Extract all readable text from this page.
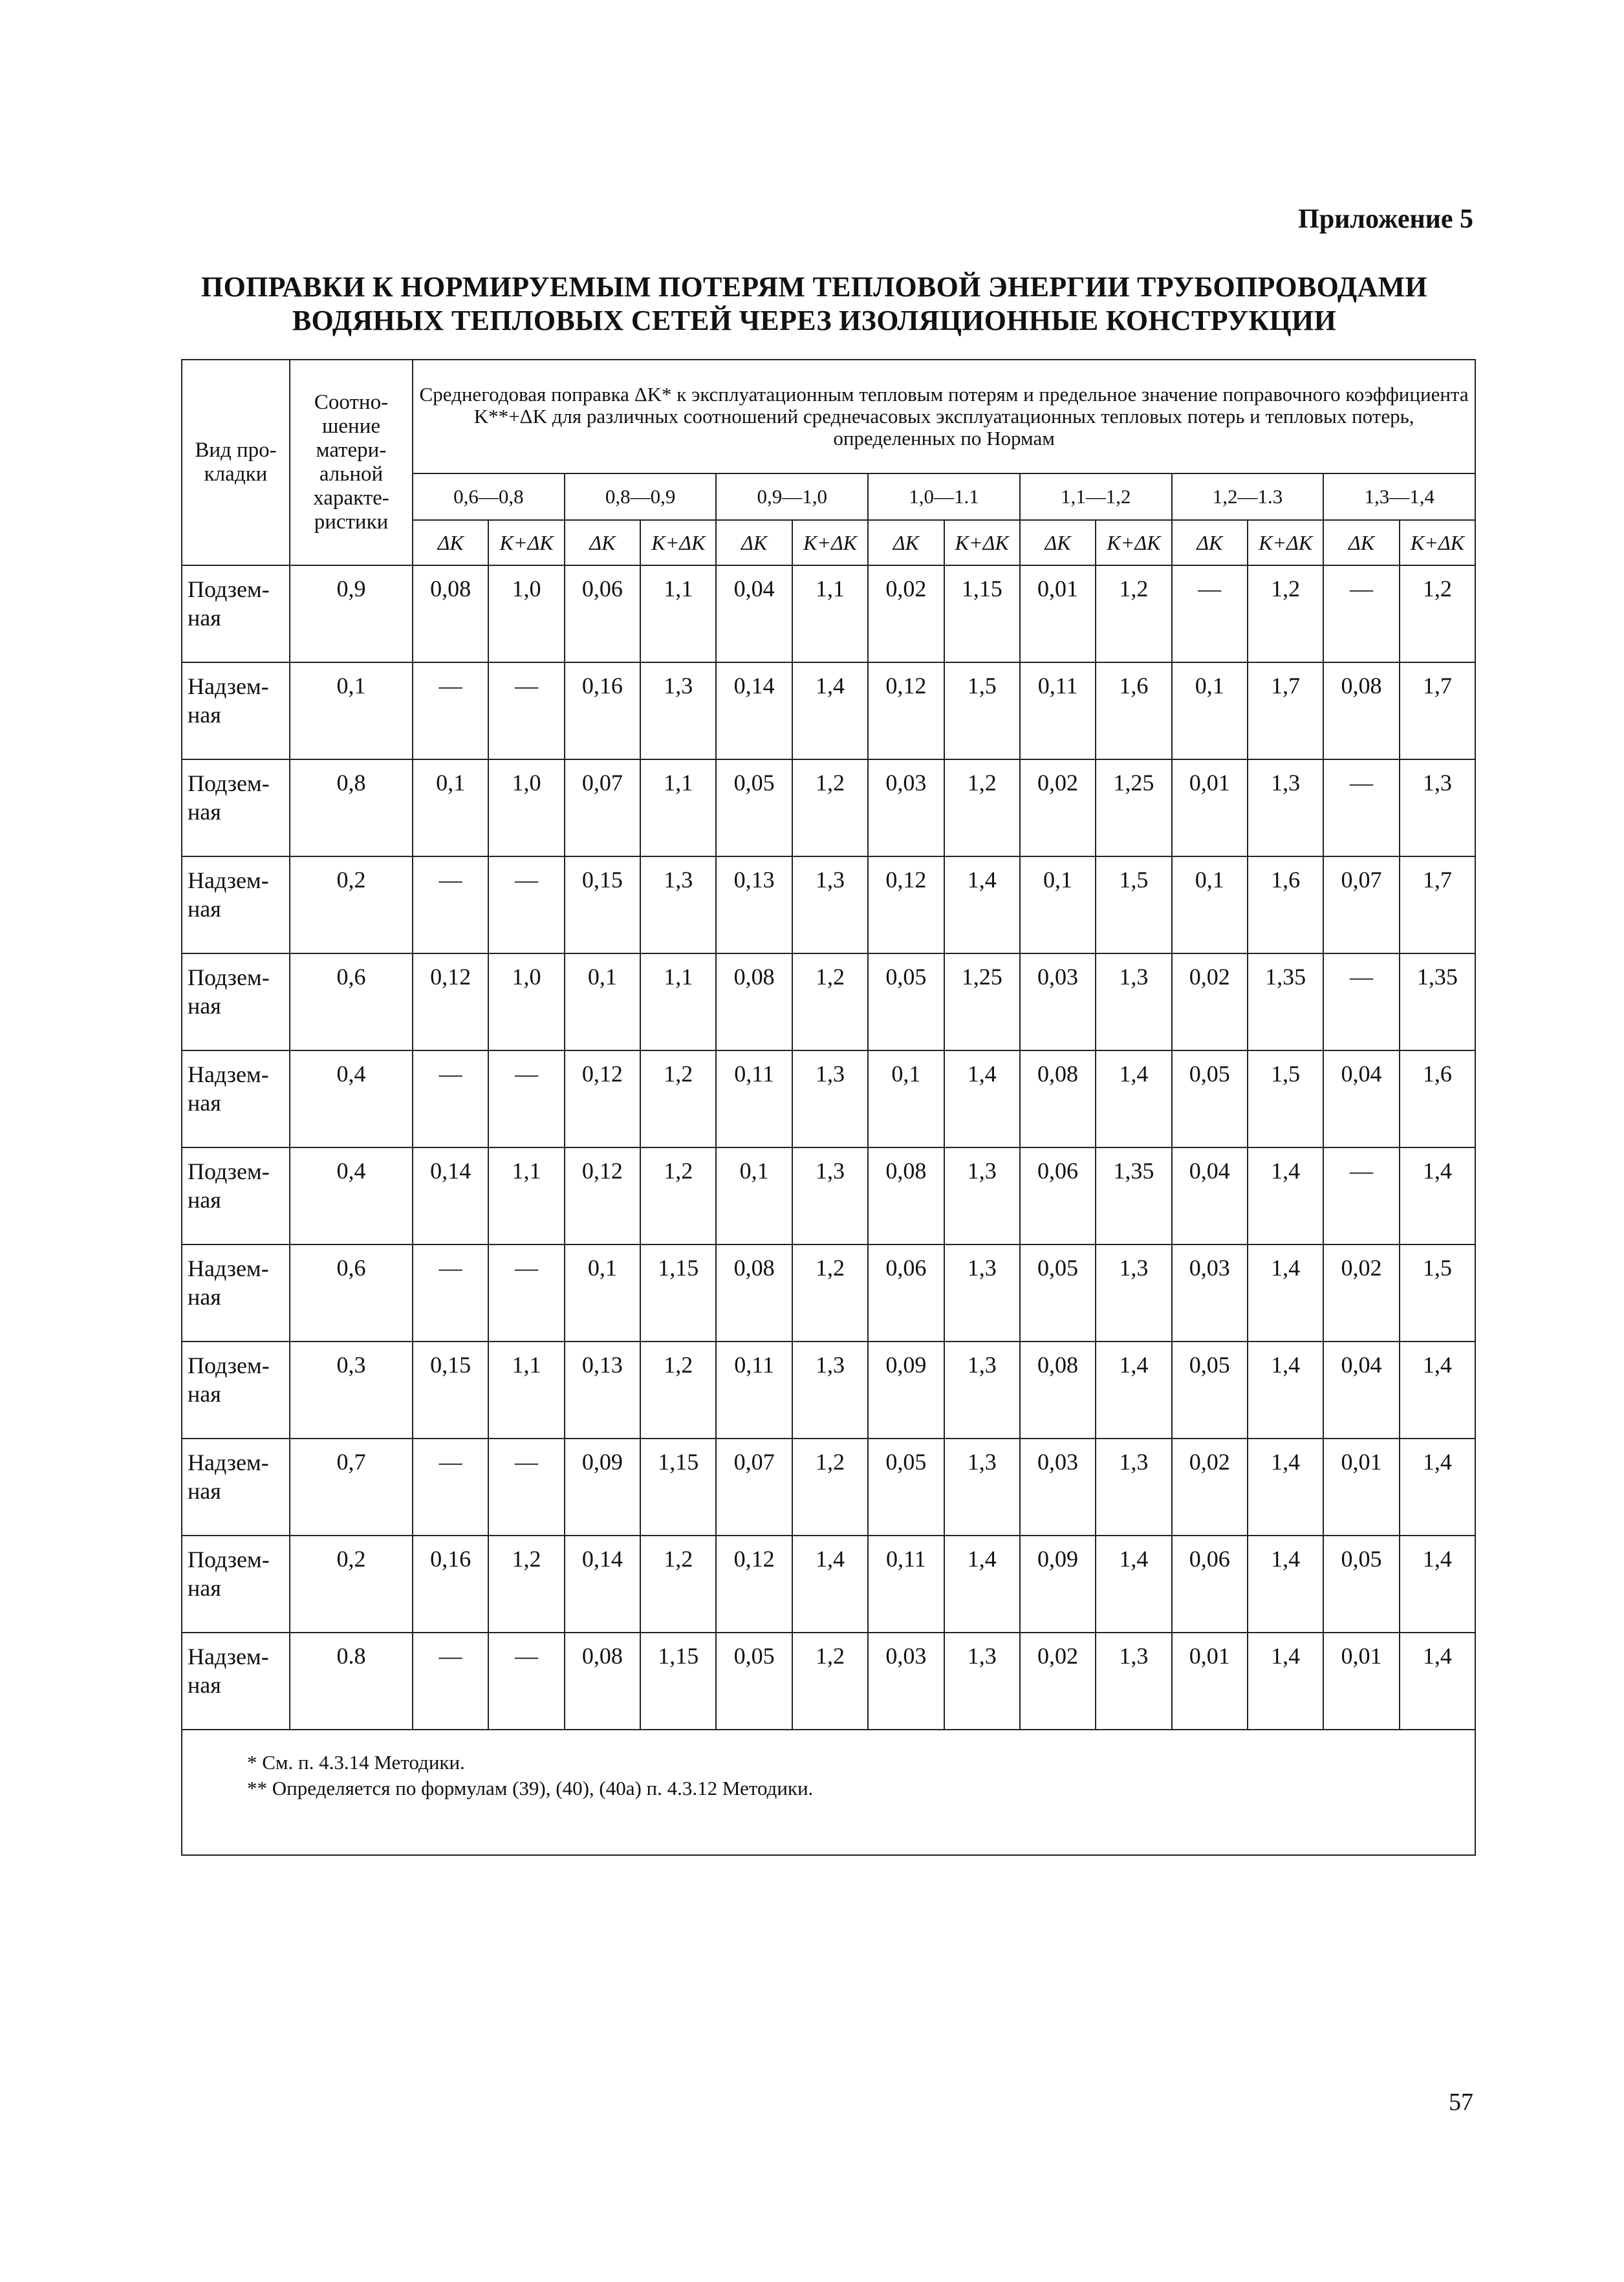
Приложение 5

ПОПРАВКИ К НОРМИРУЕМЫМ ПОТЕРЯМ ТЕПЛОВОЙ ЭНЕРГИИ ТРУБОПРОВОДАМИ
ВОДЯНЫХ ТЕПЛОВЫХ СЕТЕЙ ЧЕРЕЗ ИЗОЛЯЦИОННЫЕ КОНСТРУКЦИИ
Вид про-кладки	Соотно-шение матери-альной характе-ристики	Среднегодовая поправка ΔK* к эксплуатационным тепловым потерям и предельное значение поправочного коэффициента K**+ΔK для различных соотношений среднечасовых эксплуатационных тепловых потерь и тепловых потерь, определенных по Нормам													
		0,6—0,8		0,8—0,9		0,9—1,0		1,0—1.1		1,1—1,2		1,2—1.3		1,3—1,4	
		ΔK	K+ΔK	ΔK	K+ΔK	ΔK	K+ΔK	ΔK	K+ΔK	ΔK	K+ΔK	ΔK	K+ΔK	ΔK	K+ΔK
Подзем-ная	0,9	0,08	1,0	0,06	1,1	0,04	1,1	0,02	1,15	0,01	1,2	—	1,2	—	1,2
Надзем-ная	0,1	—	—	0,16	1,3	0,14	1,4	0,12	1,5	0,11	1,6	0,1	1,7	0,08	1,7
Подзем-ная	0,8	0,1	1,0	0,07	1,1	0,05	1,2	0,03	1,2	0,02	1,25	0,01	1,3	—	1,3
Надзем-ная	0,2	—	—	0,15	1,3	0,13	1,3	0,12	1,4	0,1	1,5	0,1	1,6	0,07	1,7
Подзем-ная	0,6	0,12	1,0	0,1	1,1	0,08	1,2	0,05	1,25	0,03	1,3	0,02	1,35	—	1,35
Надзем-ная	0,4	—	—	0,12	1,2	0,11	1,3	0,1	1,4	0,08	1,4	0,05	1,5	0,04	1,6
Подзем-ная	0,4	0,14	1,1	0,12	1,2	0,1	1,3	0,08	1,3	0,06	1,35	0,04	1,4	—	1,4
Надзем-ная	0,6	—	—	0,1	1,15	0,08	1,2	0,06	1,3	0,05	1,3	0,03	1,4	0,02	1,5
Подзем-ная	0,3	0,15	1,1	0,13	1,2	0,11	1,3	0,09	1,3	0,08	1,4	0,05	1,4	0,04	1,4
Надзем-ная	0,7	—	—	0,09	1,15	0,07	1,2	0,05	1,3	0,03	1,3	0,02	1,4	0,01	1,4
Подзем-ная	0,2	0,16	1,2	0,14	1,2	0,12	1,4	0,11	1,4	0,09	1,4	0,06	1,4	0,05	1,4
Надзем-ная	0.8	—	—	0,08	1,15	0,05	1,2	0,03	1,3	0,02	1,3	0,01	1,4	0,01	1,4

* См. п. 4.3.14 Методики.
** Определяется по формулам (39), (40), (40а) п. 4.3.12 Методики.															

57
